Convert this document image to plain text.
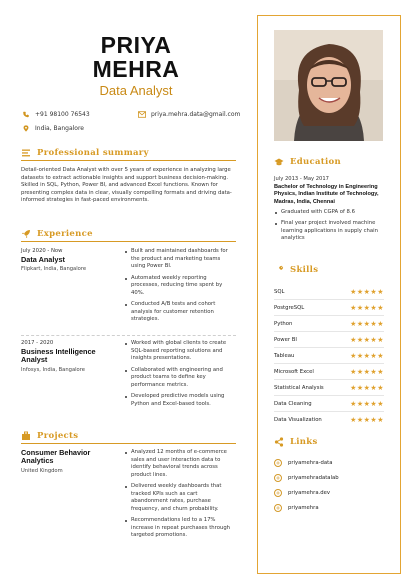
PRIYA
MEHRA
Data Analyst
+91 98100 76543	priya.mehra.data@gmail.com
India, Bangalore
Professional summary
Detail-oriented Data Analyst with over 5 years of experience in analyzing large datasets to extract actionable insights and support business decision-making. Skilled in SQL, Python, Power BI, and advanced Excel functions. Known for presenting complex data in clear, visually compelling formats and driving data-informed strategies in fast-paced environments.
Experience
July 2020 - Now
Data Analyst
Flipkart, India, Bangalore
Built and maintained dashboards for the product and marketing teams using Power BI.
Automated weekly reporting processes, reducing time spent by 40%.
Conducted A/B tests and cohort analysis for customer retention strategies.
2017 - 2020
Business Intelligence Analyst
Infosys, India, Bangalore
Worked with global clients to create SQL-based reporting solutions and insights presentations.
Collaborated with engineering and product teams to define key performance metrics.
Developed predictive models using Python and Excel-based tools.
Projects
Consumer Behavior Analytics
United Kingdom
Analyzed 12 months of e-commerce sales and user interaction data to identify behavioral trends across product lines.
Delivered weekly dashboards that tracked KPIs such as cart abandonment rates, purchase frequency, and churn probability.
Recommendations led to a 17% increase in repeat purchases through targeted promotions.
Education
July 2013 - May 2017
Bachelor of Technology in Engineering Physics, Indian Institute of Technology, Madras, India, Chennai
Graduated with CGPA of 8.6
Final year project involved machine learning applications in supply chain analytics
Skills
SQL	★★★★★
PostgreSQL	★★★★★
Python	★★★★★
Power BI	★★★★★
Tableau	★★★★★
Microsoft Excel	★★★★★
Statistical Analysis	★★★★★
Data Cleaning	★★★★★
Data Visualization	★★★★★
Links
◍	priyamehra-data
◍	priyamehradatalab
◍	priyamehra.dev
◍	priyamehra
